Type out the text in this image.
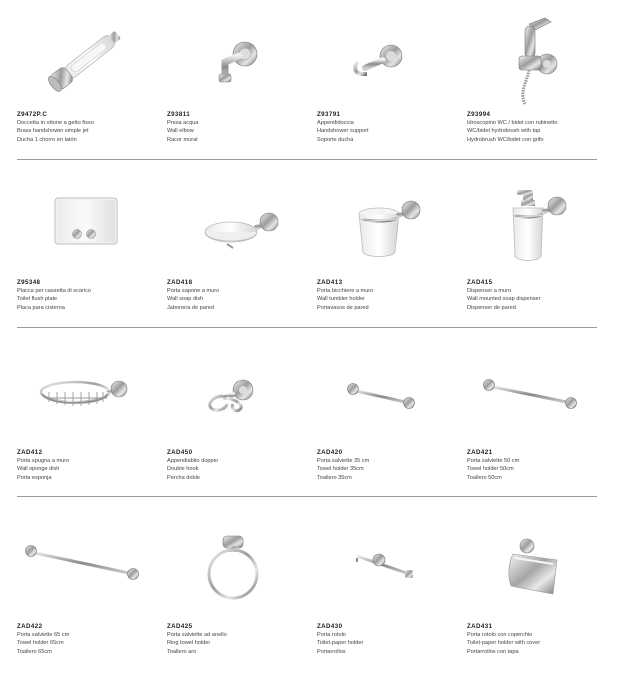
Z9472P.C
Doccetta in ottone a getto fisso
Brass handshower simple jet
Ducha 1 chorro en latón
Z93811
Presa acqua
Wall elbow
Racor mural
Z93791
Appendidoccia
Handshower support
Soporte ducha
Z93994
Idroscopino WC / bidet con rubinetto
WC/bidet hydrobrush with tap
Hydrobrush WC/bidet con grifo
Z95348
Placca per cassetta di scarico
Toilet flush plate
Placa para cisterna
ZAD418
Porta sapone a muro
Wall soap dish
Jabonera de pared
ZAD413
Porta bicchiere a muro
Wall tumbler holder
Portavasos de pared
ZAD415
Dispenser a muro
Wall mounted soap dispenser
Dispenser de pared
ZAD412
Porta spugna a muro
Wall sponge dish
Porta esponja
ZAD450
Appendiabito doppio
Double hook
Percha doble
ZAD420
Porta salviette 35 cm
Towel holder 35cm
Toallero 35cm
ZAD421
Porta salviette 50 cm
Towel holder 50cm
Toallero 50cm
ZAD422
Porta salviette 65 cm
Towel holder 65cm
Toallero 65cm
ZAD425
Porta salviette ad anello
Ring towel holder
Toallero aro
ZAD430
Porta rotolo
Toilet-paper holder
Portarrollos
ZAD431
Porta rotolo con coperchio
Toilet-paper holder with cover
Portarrollos con tapa
